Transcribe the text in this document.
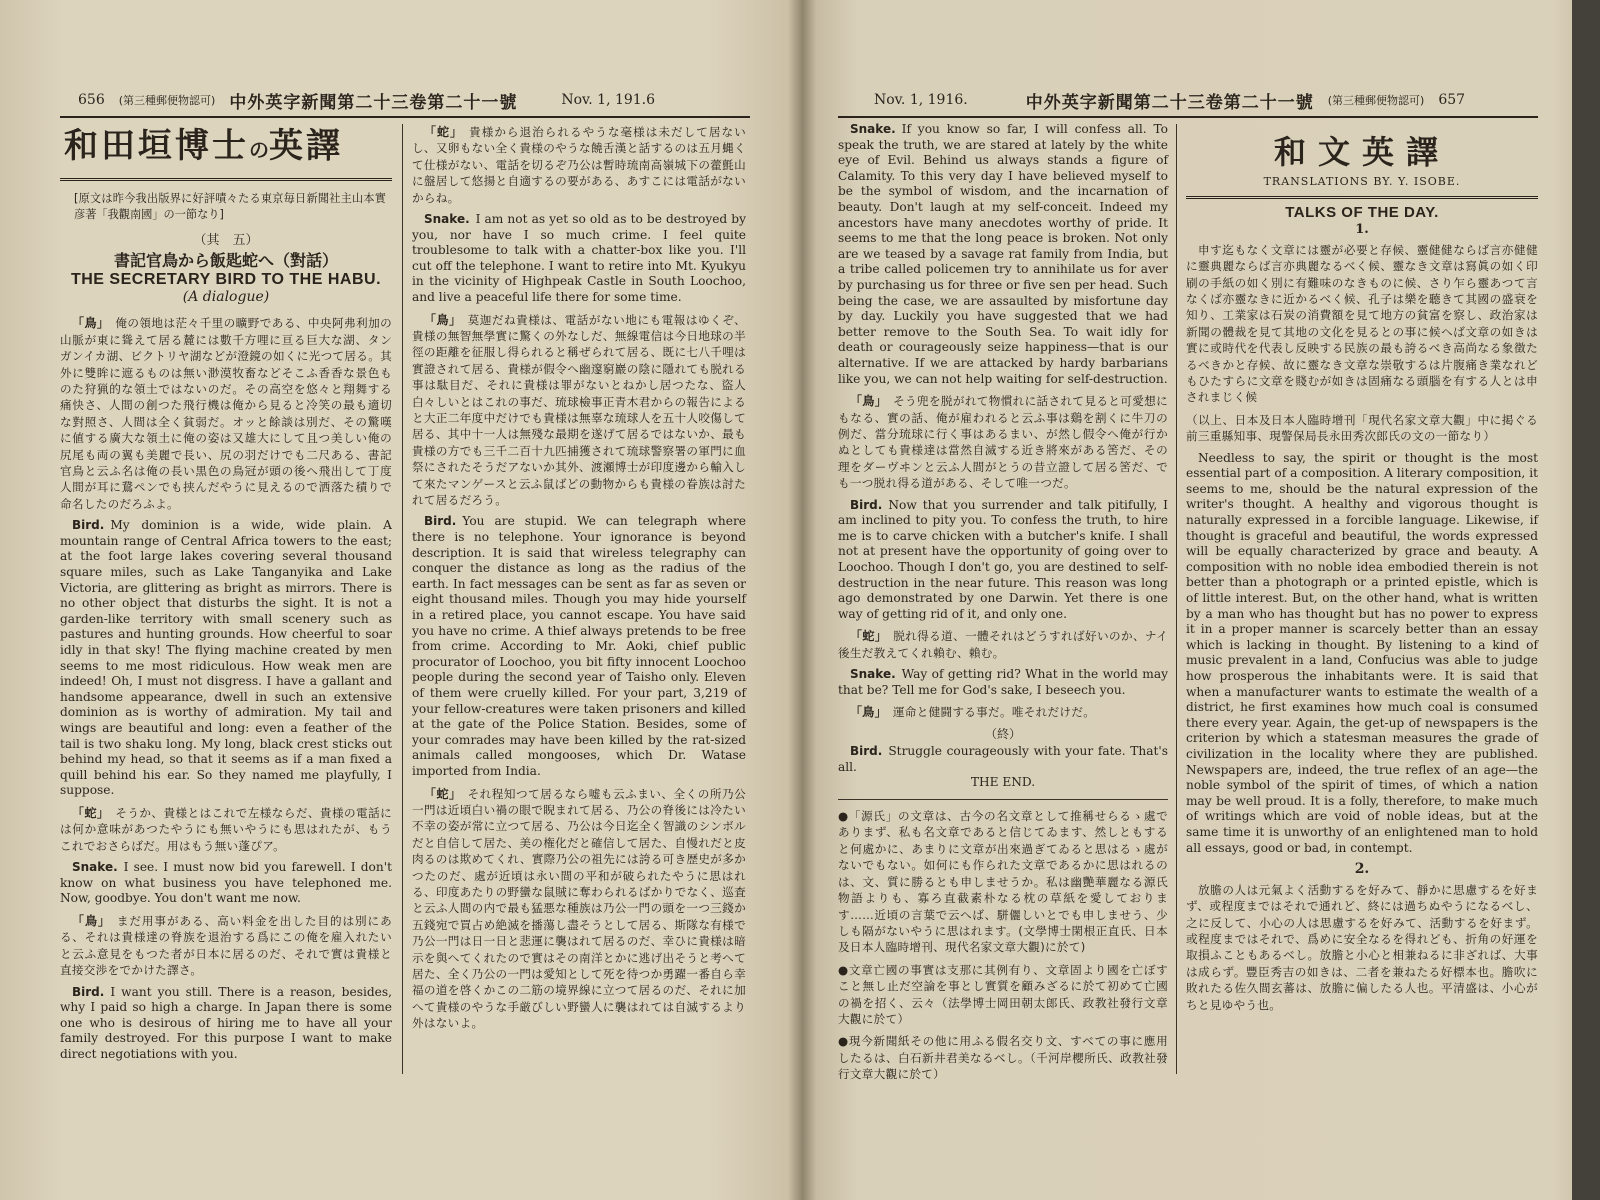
656 (第三種郵便物認可) 中外英字新聞第二十三卷第二十一號	Nov. 1, 191.6
和田垣博士の英譯
[原文は昨今我出版界に好評嘖々たる東京毎日新聞社主山本實彦著「我觀南國」の一節なり]
（其　五）
書記官鳥から飯匙蛇へ（對話）
THE SECRETARY BIRD TO THE HABU.
(A dialogue)

「鳥」 俺の領地は茫々千里の曠野である、中央阿弗利加の山脈が東に聳えて居る麓には數千方哩に亘る巨大な湖、タンガンイカ湖、ビクトリヤ湖などが澄鏡の如くに光つて居る。其外に雙眸に遮るものは無い渺漠牧畜などそこふ香香な景色ものた狩猟的な領土ではないのだ。その高空を悠々と翔舞する痛快さ、人間の創つた飛行機は俺から見ると冷笑の最も適切な對照さ、人間は全く貧弱だ。オッと餘談は別だ、その驚嘆に値する廣大な領土に俺の姿は又雄大にして且つ美しい俺の尻尾も両の翼も美麗で長い、尻の羽だけでも二尺ある、書記官鳥と云ふ名は俺の長い黒色の鳥冠が頭の後へ飛出して丁度人間が耳に鵞ペンでも挟んだやうに見えるので洒落た積りで命名したのだろふよ。

Bird. My dominion is a wide, wide plain. A mountain range of Central Africa towers to the east; at the foot large lakes covering several thousand square miles, such as Lake Tanganyika and Lake Victoria, are glittering as bright as mirrors. There is no other object that disturbs the sight. It is not a garden-like territory with small scenery such as pastures and hunting grounds. How cheerful to soar idly in that sky! The flying machine created by men seems to me most ridiculous. How weak men are indeed! Oh, I must not disgress. I have a gallant and handsome appearance, dwell in such an extensive dominion as is worthy of admiration. My tail and wings are beautiful and long: even a feather of the tail is two shaku long. My long, black crest sticks out behind my head, so that it seems as if a man fixed a quill behind his ear. So they named me playfully, I suppose.

「蛇」 そうか、貴様とはこれで左様ならだ、貴様の電話には何か意味があつたやうにも無いやうにも思はれたが、もうこれでおさらばだ。用はもう無い蓬ぴア。

Snake. I see. I must now bid you farewell. I don't know on what business you have telephoned me. Now, goodbye. You don't want me now.

「鳥」 まだ用事がある、高い料金を出した目的は別にある、それは貴様達の脊族を退治する爲にこの俺を雇入れたいと云ふ意見をもつた者が日本に居るのだ、それで實は貴様と直接交渉をでかけた譯さ。

Bird. I want you still. There is a reason, besides, why I paid so high a charge. In Japan there is some one who is desirous of hiring me to have all your family destroyed. For this purpose I want to make direct negotiations with you.

「蛇」 貴様から退治られるやうな毫様は未だして居ないし、又卵もない全く貴様のやうな饒舌漢と話するのは五月蝿くて仕様がない、電話を切るぞ乃公は暫時琉南高嶺城下の藿氈山に盤居して悠揚と自適するの要がある、あすこには電話がないからね。

Snake. I am not as yet so old as to be destroyed by you, nor have I so much crime. I feel quite troublesome to talk with a chatter-box like you. I'll cut off the telephone. I want to retire into Mt. Kyukyu in the vicinity of Highpeak Castle in South Loochoo, and live a peaceful life there for some time.

「鳥」 莫迦だね貴様は、電話がない地にも電報はゆくぞ、貴様の無智無學實に驚くの外なしだ、無線電信は今日地球の半徑の距離を征服し得られると稱ぜられて居る、既に七八千哩は實證されて居る、貴様が假令へ幽邃窮巖の陰に隱れても脱れる事は駄目だ、それに貴様は罪がないとねかし居つたな、盜人白々しいとはこれの事だ、琉球檢事正青木君からの報告によると大正二年度中だけでも貴様は無辜な琉球人を五十人咬傷して居る、其中十一人は無殘な最期を遂げて居るではないか、最も貴様の方でも三千二百十九匹捕獲されて琉球警察署の軍門に血祭にされたそうだアないか其外、渡瀬博士が印度邊から輸入して來たマンゲースと云ふ鼠ばどの動物からも貴様の眷族は討たれて居るだろう。

Bird. You are stupid. We can telegraph where there is no telephone. Your ignorance is beyond description. It is said that wireless telegraphy can conquer the distance as long as the radius of the earth. In fact messages can be sent as far as seven or eight thousand miles. Though you may hide yourself in a retired place, you cannot escape. You have said you have no crime. A thief always pretends to be free from crime. According to Mr. Aoki, chief public procurator of Loochoo, you bit fifty innocent Loochoo people during the second year of Taisho only. Eleven of them were cruelly killed. For your part, 3,219 of your fellow-creatures were taken prisoners and killed at the gate of the Police Station. Besides, some of your comrades may have been killed by the rat-sized animals called mongooses, which Dr. Watase imported from India.

「蛇」 それ程知つて居るなら嘘も云ふまい、全くの所乃公一門は近頃白い禍の眼で睨まれて居る、乃公の脊後には冷たい不幸の姿が常に立つて居る、乃公は今日迄全く智識のシンボルだと自信して居た、美の権化だと確信して居た、自慢れだと皮肉るのは欺めてくれ、實際乃公の祖先には誇る可き歴史が多かつたのだ、處が近頃は永い間の平和が破られたやうに思はれる、印度あたりの野蠻な鼠賊に奪わられるばかりでなく、巡査と云ふ人間の内で最も猛悪な種族は乃公一門の頭を一つ三錢か五錢宛で買占め絶滅を播蕩し盡そうとして居る、斯隊な有様で乃公一門は日一日と悲運に襲はれて居るのだ、幸ひに貴様は暗示を與へてくれたので實はその南洋とかに逃げ出そうと考へて居た、全く乃公の一門は愛知として死を待つか勇躍一番自ら幸福の道を啓くかこの二筋の境界線に立つて居るのだ、それに加へて貴様のやうな手厳びしい野蠻人に襲はれては自滅するより外はないよ。

Nov. 1, 1916.	中外英字新聞第二十三卷第二十一號 (第三種郵便物認可) 657

Snake. If you know so far, I will confess all. To speak the truth, we are stared at lately by the white eye of Evil. Behind us always stands a figure of Calamity. To this very day I have believed myself to be the symbol of wisdom, and the incarnation of beauty. Don't laugh at my self-conceit. Indeed my ancestors have many anecdotes worthy of pride. It seems to me that the long peace is broken. Not only are we teased by a savage rat family from India, but a tribe called policemen try to annihilate us for aver by purchasing us for three or five sen per head. Such being the case, we are assaulted by misfortune day by day. Luckily you have suggested that we had better remove to the South Sea. To wait idly for death or courageously seize happiness—that is our alternative. If we are attacked by hardy barbarians like you, we can not help waiting for self-destruction.

「鳥」 そう兜を脱がれて物慣れに話されて見ると可愛想にもなる、實の話、俺が雇われると云ふ事は鷄を割くに牛刀の例だ、當分琉球に行く事はあるまい、が然し假令へ俺が行かぬとしても貴様達は當然自滅する近き將來がある筈だ、その理をダーヴヰンと云ふ人間がとうの昔立證して居る筈だ、でも一つ脱れ得る道がある、そして唯一つだ。

Bird. Now that you surrender and talk pitifully, I am inclined to pity you. To confess the truth, to hire me is to carve chicken with a butcher's knife. I shall not at present have the opportunity of going over to Loochoo. Though I don't go, you are destined to self-destruction in the near future. This reason was long ago demonstrated by one Darwin. Yet there is one way of getting rid of it, and only one.

「蛇」 脱れ得る道、一體それはどうすれば好いのか、ナイ後生だ教えてくれ賴む、賴む。

Snake. Way of getting rid? What in the world may that be? Tell me for God's sake, I beseech you.

「鳥」 運命と健闘する事だ。唯それだけだ。

（終）

Bird. Struggle courageously with your fate. That's all.

THE END.

●「源氏」の文章は、古今の名文章として推稱せらるゝ處でありまず、私も名文章であると信じてゐます、然しともすると何處かに、あまりに文章が出來過ぎてゐると思はるゝ處がないでもない。如何にも作られた文章であるかに思はれるのは、文、質に勝るとも申しませうか。私は幽艷華麗なる源氏物語よりも、寡ろ直截素朴なる枕の草紙を愛しております……近頃の言葉で云へば、駢儷しいとでも申しませう、少しも隔がないやうに思はれます。(文學博士閑根正直氏、日本及日本人臨時增刊、現代名家文章大觀)に於て)

●文章亡國の事實は支那に其例有り、文章固より國を亡ぼすこと無し止だ空論を事とし實質を顧みざるに於て初めて亡國の禍を招く、云々（法學博士岡田朝太郎氏、政教社發行文章大觀に於て）

●現今新聞紙その他に用ふる假名交り文、すべての事に應用したるは、白石新井君美なるべし。（千河岸櫻所氏、政教社發行文章大觀に於て）

和文英譯
TRANSLATIONS BY. Y. ISOBE.
TALKS OF THE DAY.
1.

申す迄もなく文章には靈が必要と存候、靈健健ならば言亦健健に靈典麗ならば言亦典麗なるべく候、靈なき文章は寫眞の如く印刷の手紙の如く別に有難味のなきものに候、さり乍ら靈あつて言なくば亦靈なきに近かるべく候、孔子は樂を聽きて其國の盛衰を知り、工業家は石炭の消費額を見て地方の貧富を察し、政治家は新聞の體裁を見て其地の文化を見るとの事に候へば文章の如きは實に或時代を代表し反映する民族の最も誇るべき高尚なる象徴たるべきかと存候、故に靈なき文章な崇敬するは片腹痛き業なれどもひたすらに文章を賤むが如きは固痛なる頭腦を有する人とは申されまじく候

（以上、日本及日本人臨時增刊「現代名家文章大觀」中に掲ぐる前三重縣知事、現警保局長永田秀次郎氏の文の一節なり）

Needless to say, the spirit or thought is the most essential part of a composition. A literary composition, it seems to me, should be the natural expression of the writer's thought. A healthy and vigorous thought is naturally expressed in a forcible language. Likewise, if thought is graceful and beautiful, the words expressed will be equally characterized by grace and beauty. A composition with no noble idea embodied therein is not better than a photograph or a printed epistle, which is of little interest. But, on the other hand, what is written by a man who has thought but has no power to express it in a proper manner is scarcely better than an essay which is lacking in thought. By listening to a kind of music prevalent in a land, Confucius was able to judge how prosperous the inhabitants were. It is said that when a manufacturer wants to estimate the wealth of a district, he first examines how much coal is consumed there every year. Again, the get-up of newspapers is the criterion by which a statesman measures the grade of civilization in the locality where they are published. Newspapers are, indeed, the true reflex of an age—the noble symbol of the spirit of times, of which a nation may be well proud. It is a folly, therefore, to make much of writings which are void of noble ideas, but at the same time it is unworthy of an enlightened man to hold all essays, good or bad, in contempt.

2.

放膽の人は元氣よく活動するを好みて、靜かに思慮するを好まず、或程度まではそれで通れど、終には過ちぬやうになるべし、之に反して、小心の人は思慮するを好みて、活動するを好まず。或程度まではそれで、爲めに安全なるを得れども、折角の好運を取損ふこともあるべし。放膽と小心と相兼ねるに非ざれば、大事は成らず。豐臣秀吉の如きは、二者を兼ねたる好標本也。膽吹に敗れたる佐久間玄蕃は、放膽に偏したる人也。平清盛は、小心がちと見ゆやう也。
